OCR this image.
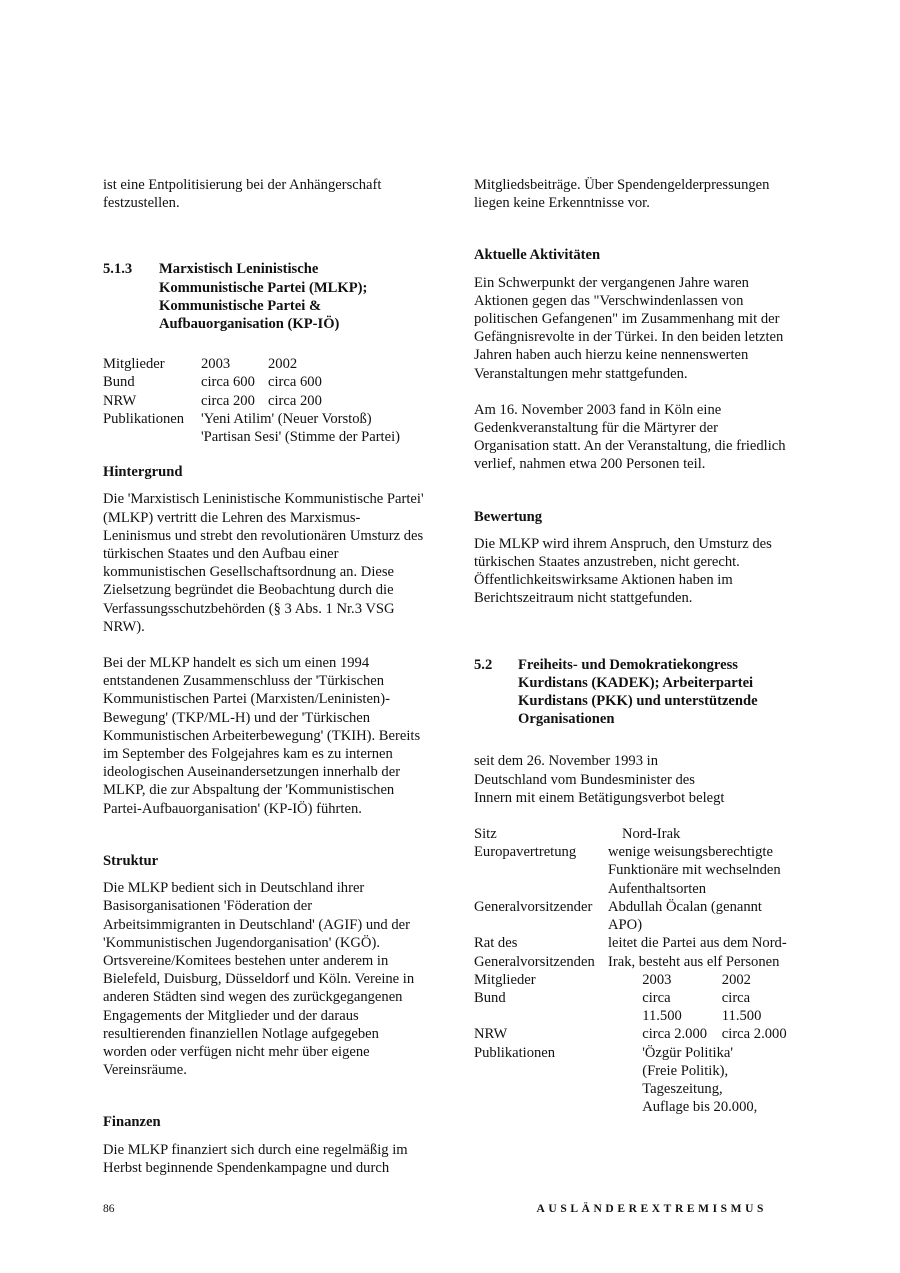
ist eine Entpolitisierung bei der Anhängerschaft festzustellen.

5.1.3	Marxistisch Leninistische Kommunistische Partei (MLKP); Kommunistische Partei & Aufbauorganisation (KP-IÖ)
Mitglieder	2003	2002
Bund	circa 600	circa 600
NRW	circa 200	circa 200
Publikationen	'Yeni Atilim' (Neuer Vorstoß)	
	'Partisan Sesi' (Stimme der Partei)	
Hintergrund

Die 'Marxistisch Leninistische Kommunistische Partei' (MLKP) vertritt die Lehren des Marxismus-Leninismus und strebt den revolutionären Umsturz des türkischen Staates und den Aufbau einer kommunistischen Gesellschaftsordnung an. Diese Zielsetzung begründet die Beobachtung durch die Verfassungsschutzbehörden (§ 3 Abs. 1 Nr.3 VSG NRW).

Bei der MLKP handelt es sich um einen 1994 entstandenen Zusammenschluss der 'Türkischen Kommunistischen Partei (Marxisten/Leninisten)-Bewegung' (TKP/ML-H) und der 'Türkischen Kommunistischen Arbeiterbewegung' (TKIH). Bereits im September des Folgejahres kam es zu internen ideologischen Auseinandersetzungen innerhalb der MLKP, die zur Abspaltung der 'Kommunistischen Partei-Aufbauorganisation' (KP-IÖ) führten.

Struktur

Die MLKP bedient sich in Deutschland ihrer Basisorganisationen 'Föderation der Arbeitsimmigranten in Deutschland' (AGIF) und der 'Kommunistischen Jugendorganisation' (KGÖ). Ortsvereine/Komitees bestehen unter anderem in Bielefeld, Duisburg, Düsseldorf und Köln. Vereine in anderen Städten sind wegen des zurückgegangenen Engagements der Mitglieder und der daraus resultierenden finanziellen Notlage aufgegeben worden oder verfügen nicht mehr über eigene Vereinsräume.

Finanzen

Die MLKP finanziert sich durch eine regelmäßig im Herbst beginnende Spendenkampagne und durch

Mitgliedsbeiträge. Über Spendengelderpressungen liegen keine Erkenntnisse vor.

Aktuelle Aktivitäten

Ein Schwerpunkt der vergangenen Jahre waren Aktionen gegen das "Verschwindenlassen von politischen Gefangenen" im Zusammenhang mit der Gefängnisrevolte in der Türkei. In den beiden letzten Jahren haben auch hierzu keine nennenswerten Veranstaltungen mehr stattgefunden.

Am 16. November 2003 fand in Köln eine Gedenkveranstaltung für die Märtyrer der Organisation statt. An der Veranstaltung, die friedlich verlief, nahmen etwa 200 Personen teil.

Bewertung

Die MLKP wird ihrem Anspruch, den Umsturz des türkischen Staates anzustreben, nicht gerecht. Öffentlichkeitswirksame Aktionen haben im Berichtszeitraum nicht stattgefunden.

5.2	Freiheits- und Demokratiekongress Kurdistans (KADEK); Arbeiterpartei Kurdistans (PKK) und unterstützende Organisationen

seit dem 26. November 1993 in Deutschland vom Bundesminister des Innern mit einem Betätigungsverbot belegt

Sitz	Nord-Irak
Europavertretung	wenige weisungsberechtigte Funktionäre mit wechselnden Aufenthaltsorten
Generalvorsitzender	Abdullah Öcalan (genannt APO)
Rat des Generalvorsitzenden	leitet die Partei aus dem Nord-Irak, besteht aus elf Personen
Mitglieder	2003	2002
Bund	circa 11.500	circa 11.500
NRW	circa 2.000	circa 2.000
Publikationen	'Özgür Politika' (Freie Politik), Tageszeitung, Auflage bis 20.000,	
86	AUSLÄNDEREXTREMISMUS
